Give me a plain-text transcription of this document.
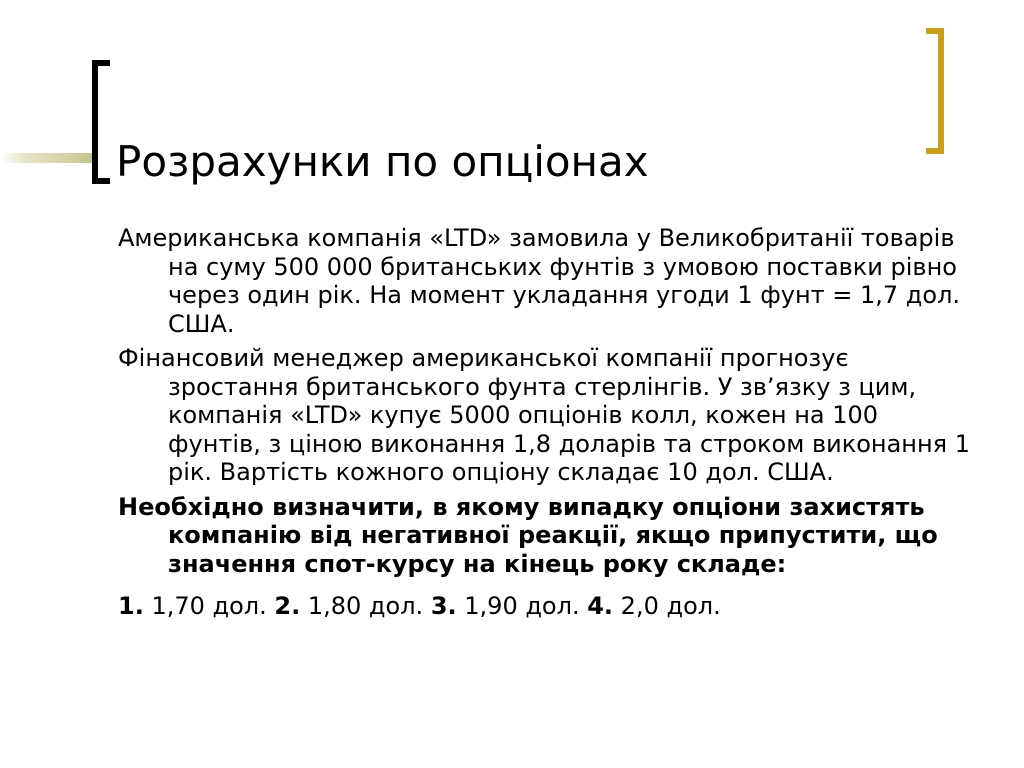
Розрахунки по опціонах

Американська компанія «LTD» замовила у Великобританії товарів на суму 500 000 британських фунтів з умовою поставки рівно через один рік. На момент укладання угоди 1 фунт = 1,7 дол. США.

Фінансовий менеджер американської компанії прогнозує зростання британського фунта стерлінгів. У зв’язку з цим, компанія «LTD» купує 5000 опціонів колл, кожен на 100 фунтів, з ціною виконання 1,8 доларів та строком виконання 1 рік. Вартість кожного опціону складає 10 дол. США.

Необхідно визначити, в якому випадку опціони захистять компанію від негативної реакції, якщо припустити, що значення спот-курсу на кінець року складе:

1. 1,70 дол. 2. 1,80 дол. 3. 1,90 дол. 4. 2,0 дол.
